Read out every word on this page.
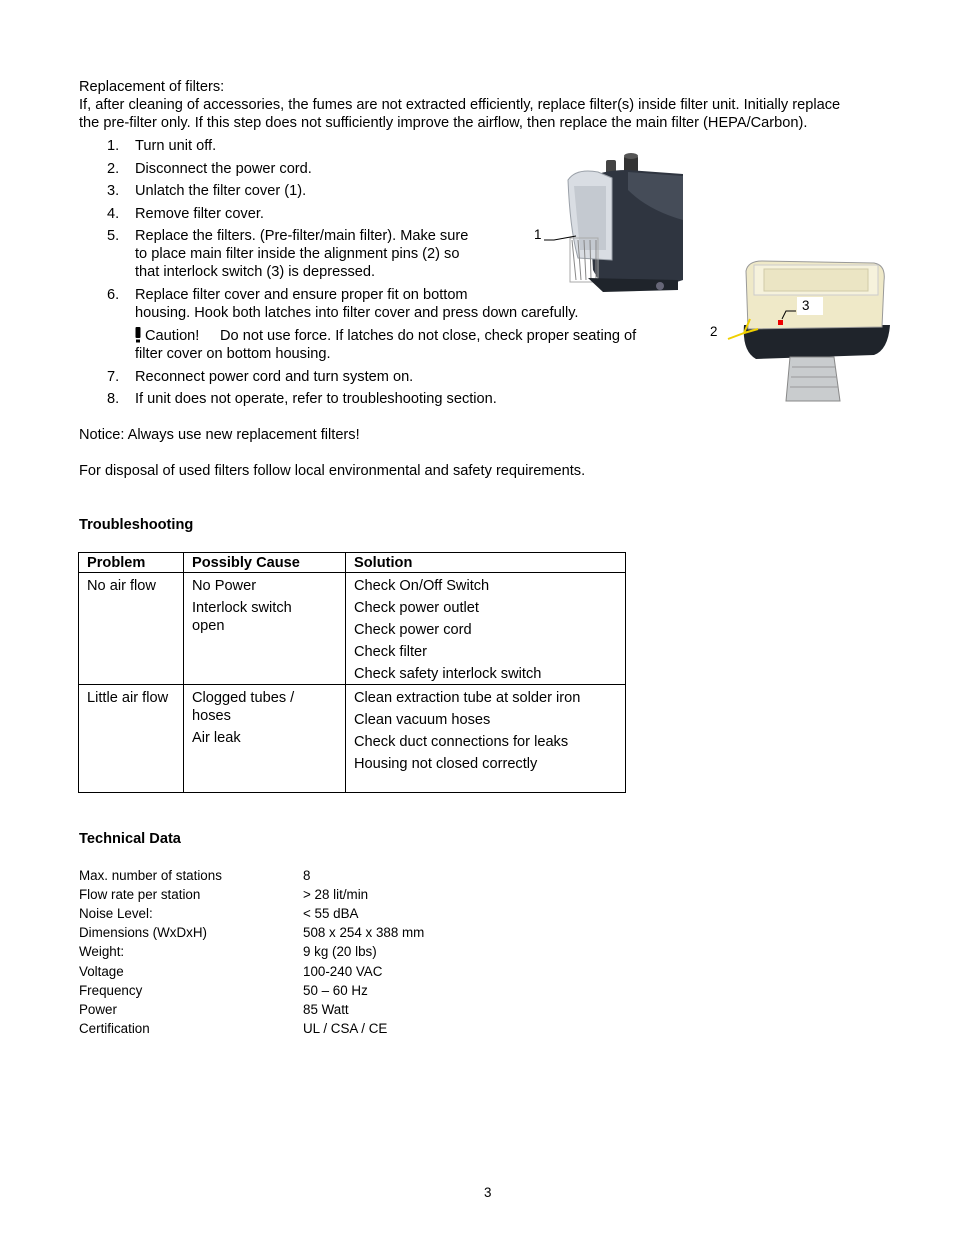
Replacement of filters:

If, after cleaning of accessories, the fumes are not extracted efficiently, replace filter(s) inside filter unit. Initially replace

the pre-filter only. If this step does not sufficiently improve the airflow, then replace the main filter (HEPA/Carbon).

1. Turn unit off.
2. Disconnect the power cord.
3. Unlatch the filter cover (1).
4. Remove filter cover.
5. Replace the filters. (Pre-filter/main filter). Make sure
to place main filter inside the alignment pins (2) so
that interlock switch (3) is depressed.
6. Replace filter cover and ensure proper fit on bottom
housing. Hook both latches into filter cover and press down carefully.
7. Reconnect power cord and turn system on.
8. If unit does not operate, refer to troubleshooting section.
Caution! Do not use force. If latches do not close, check proper seating of
filter cover on bottom housing.
1
2
3
Notice: Always use new replacement filters!
For disposal of used filters follow local environmental and safety requirements.
Troubleshooting
Problem	Possibly Cause	Solution

No air flow	No Power
Interlock switch
open	Check On/Off Switch
Check power outlet
Check power cord
Check filter
Check safety interlock switch

Little air flow	Clogged tubes /
hoses
Air leak	Clean extraction tube at solder iron
Clean vacuum hoses
Check duct connections for leaks
Housing not closed correctly
Technical Data
Max. number of stations	8
Flow rate per station	> 28 lit/min
Noise Level:	< 55 dBA
Dimensions (WxDxH)	508 x 254 x 388 mm
Weight:	9 kg (20 lbs)
Voltage	100-240 VAC
Frequency	50 – 60 Hz
Power	85 Watt
Certification	UL / CSA / CE
3
